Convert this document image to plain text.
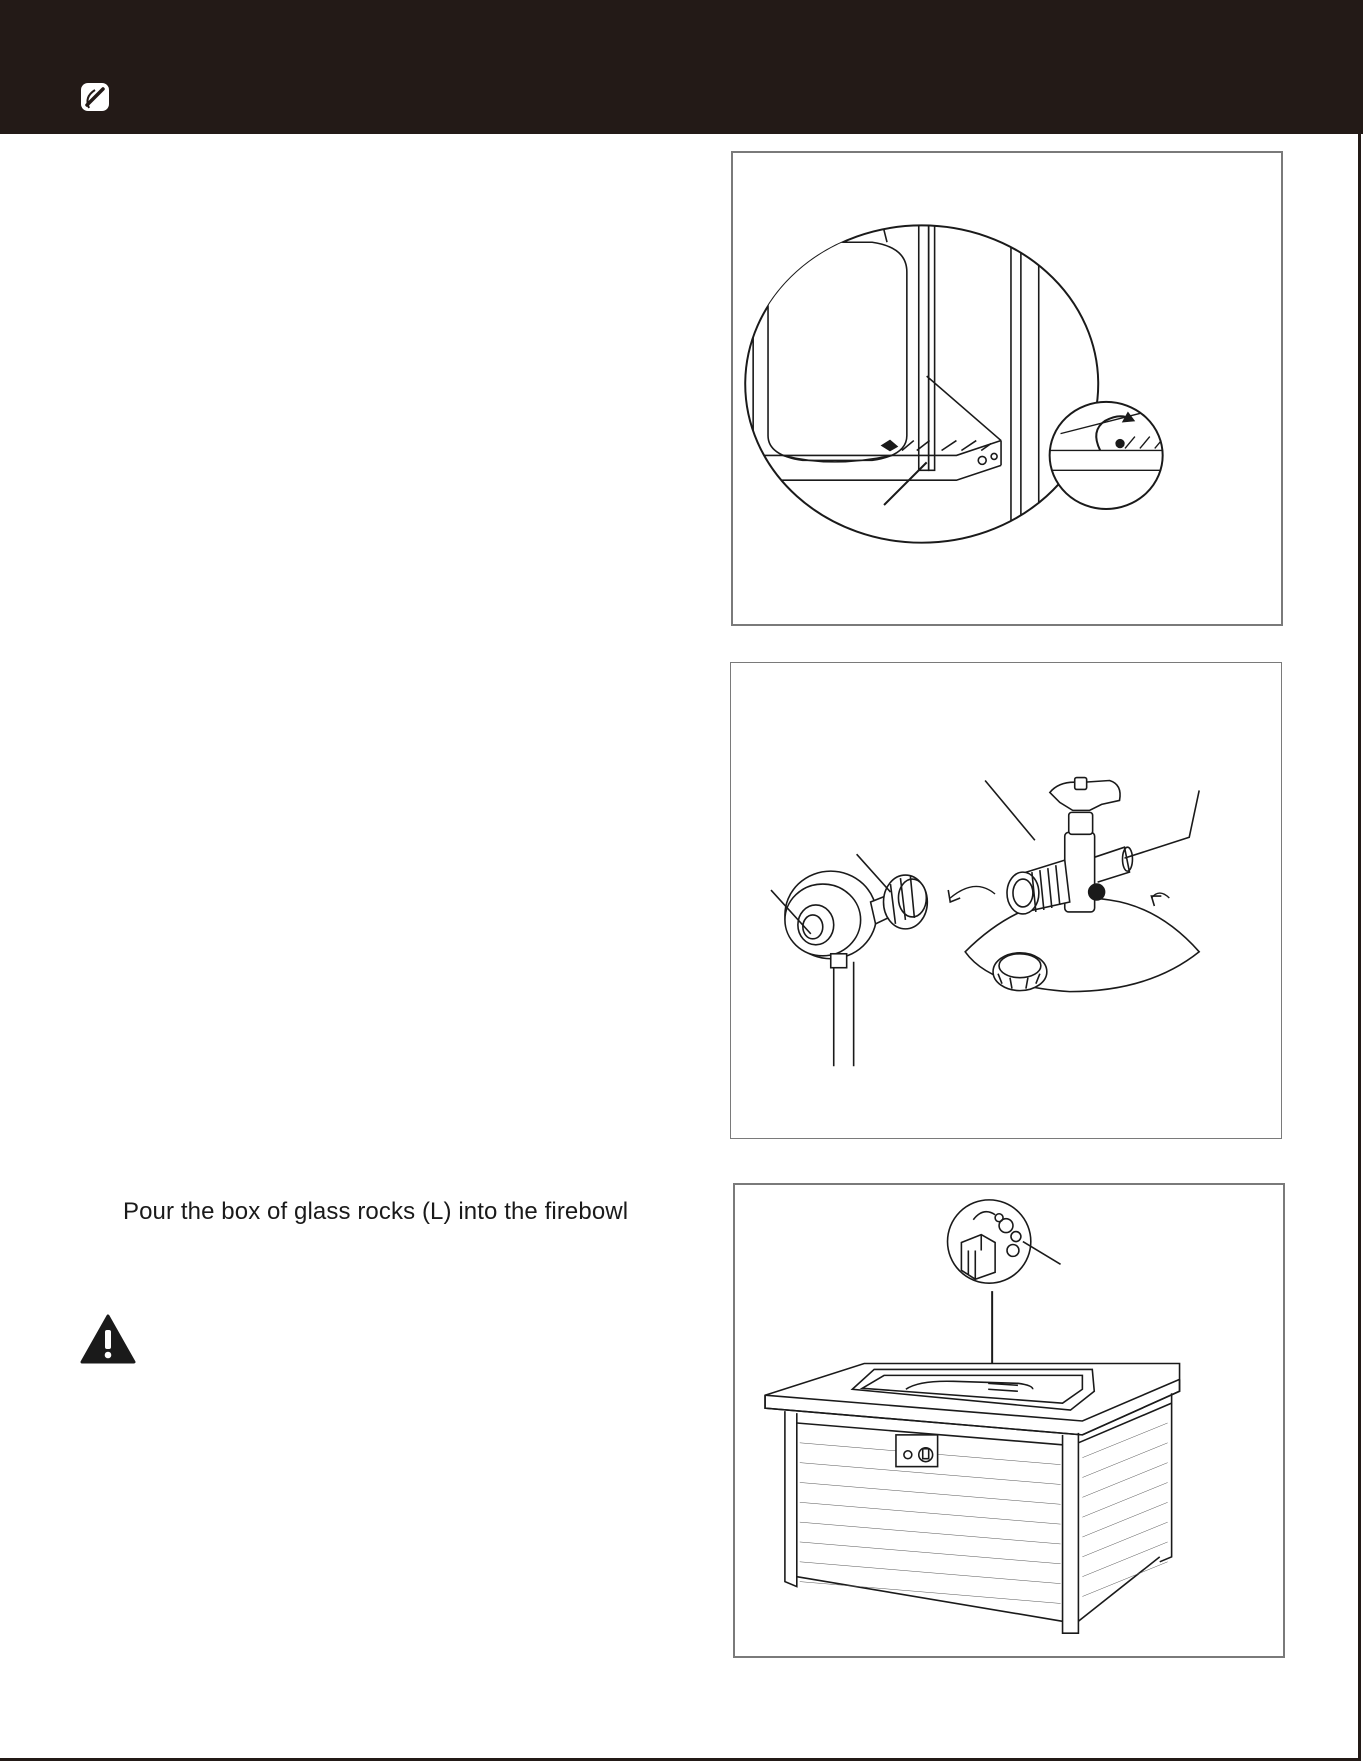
Pour the box of glass rocks (L) into the firebowl
